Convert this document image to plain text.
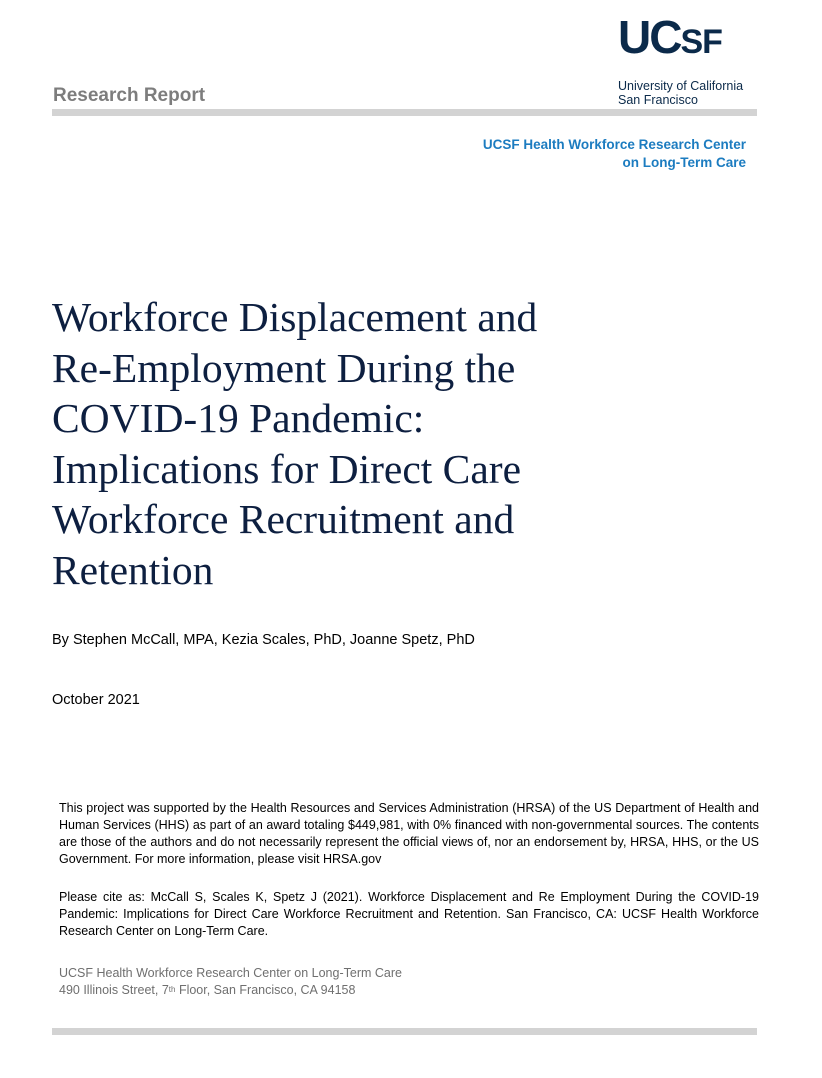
UCSF
University of California
San Francisco
Research Report
UCSF Health Workforce Research Center
on Long-Term Care
Workforce Displacement and
Re-Employment During the
COVID-19 Pandemic:
Implications for Direct Care
Workforce Recruitment and
Retention
By Stephen McCall, MPA, Kezia Scales, PhD, Joanne Spetz, PhD
October 2021
This project was supported by the Health Resources and Services Administration (HRSA) of the US Department of Health and Human Services (HHS) as part of an award totaling $449,981, with 0% financed with non-governmental sources. The contents are those of the authors and do not necessarily represent the official views of, nor an endorsement by, HRSA, HHS, or the US Government. For more information, please visit HRSA.gov
Please cite as: McCall S, Scales K, Spetz J (2021). Workforce Displacement and Re Employment During the COVID-19 Pandemic: Implications for Direct Care Workforce Recruitment and Retention. San Francisco, CA: UCSF Health Workforce Research Center on Long-Term Care.
UCSF Health Workforce Research Center on Long-Term Care
490 Illinois Street, 7th Floor, San Francisco, CA 94158
